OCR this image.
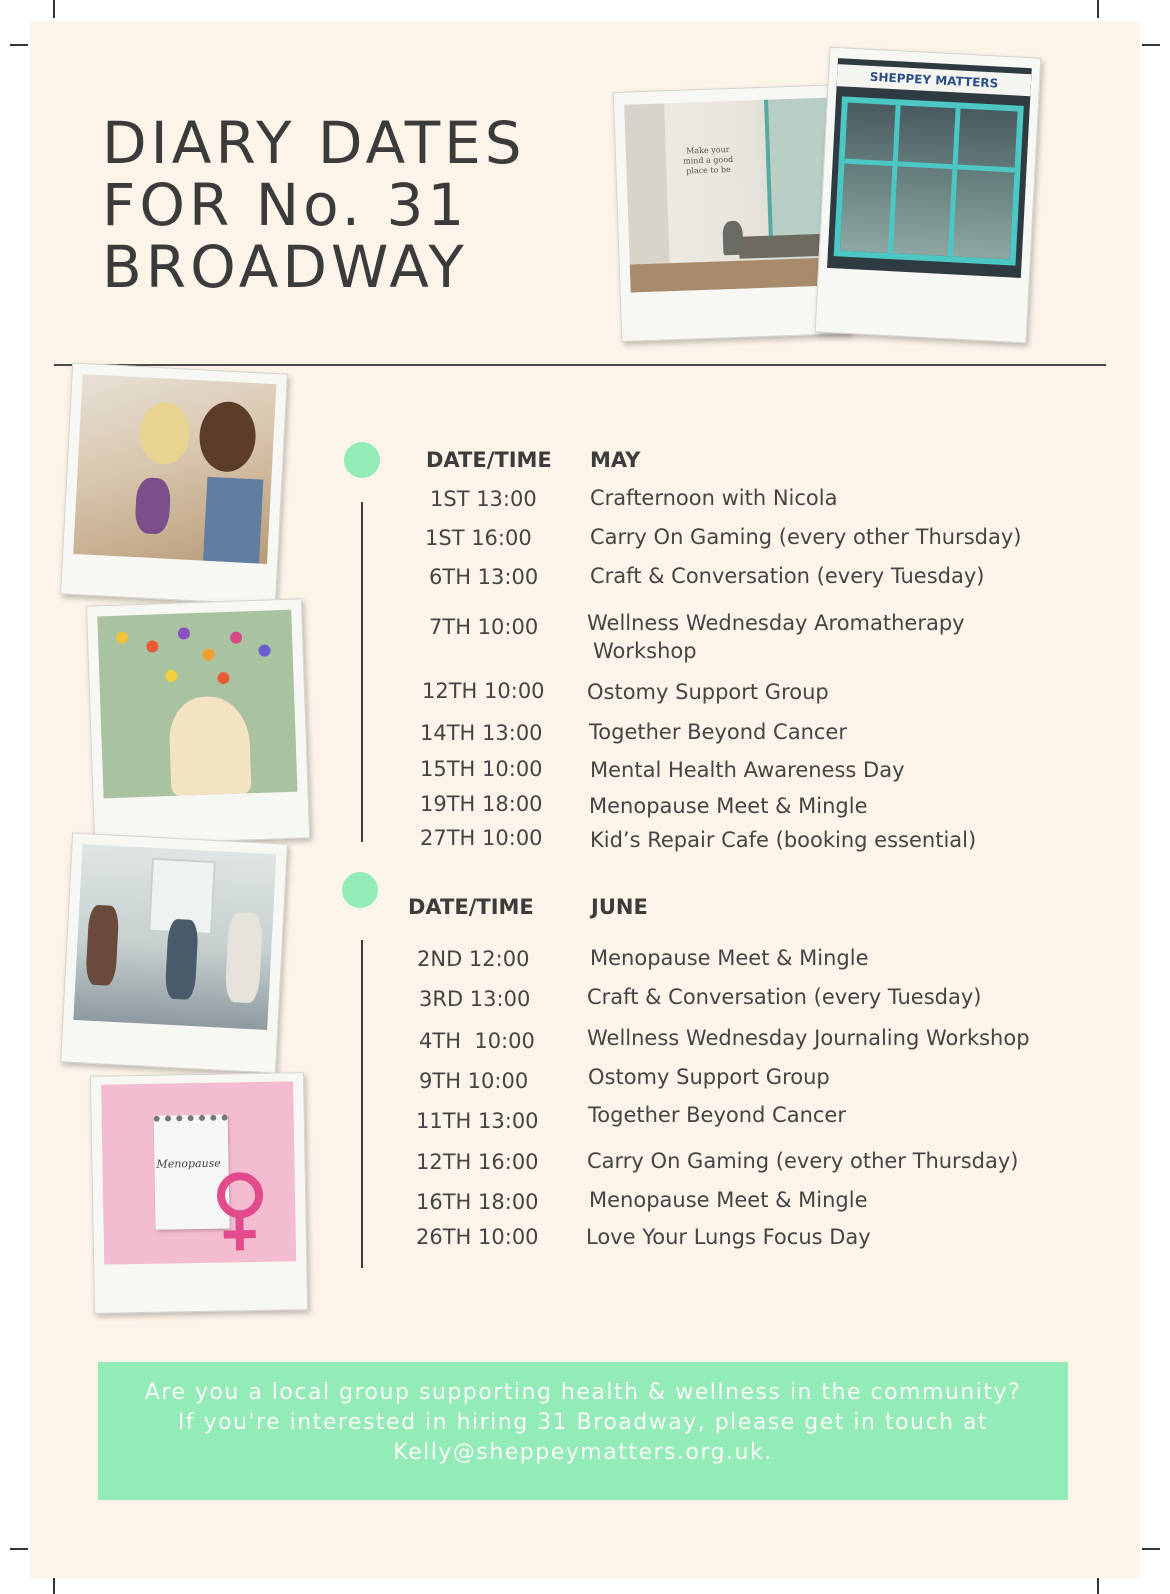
DIARY DATES
FOR No. 31
BROADWAY
Make your mind a good place to be
SHEPPEY MATTERS
Menopause
DATE/TIME MAY
1ST 13:00	Crafternoon with Nicola
1ST 16:00	Carry On Gaming (every other Thursday)
6TH 13:00 Craft & Conversation (every Tuesday)
7TH 10:00 Wellness Wednesday Aromatherapy
Workshop
12TH 10:00 Ostomy Support Group
14TH 13:00 Together Beyond Cancer
15TH 10:00 Mental Health Awareness Day
19TH 18:00 Menopause Meet & Mingle
27TH 10:00 Kid’s Repair Cafe (booking essential)
DATE/TIME	JUNE
2ND 12:00	Menopause Meet & Mingle
3RD 13:00	Craft & Conversation (every Tuesday)
4TH  10:00 Wellness Wednesday Journaling Workshop
9TH 10:00	Ostomy Support Group
11TH 13:00 Together Beyond Cancer
12TH 16:00 Carry On Gaming (every other Thursday)
16TH 18:00 Menopause Meet & Mingle
26TH 10:00 Love Your Lungs Focus Day
Are you a local group supporting health & wellness in the community?
If you're interested in hiring 31 Broadway, please get in touch at
Kelly@sheppeymatters.org.uk.
